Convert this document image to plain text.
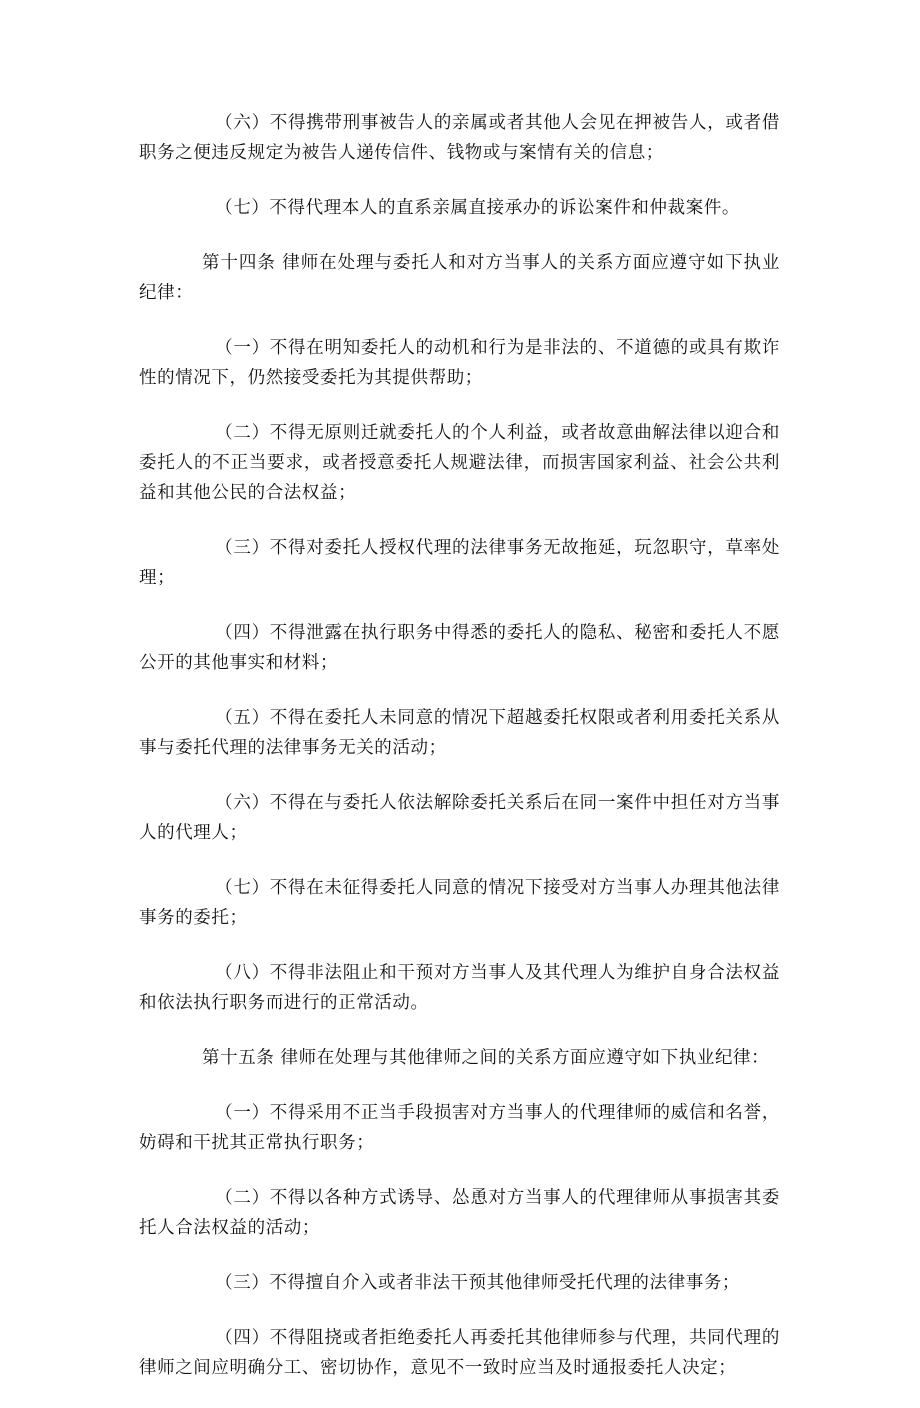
（六）不得携带刑事被告人的亲属或者其他人会见在押被告人，或者借职务之便违反规定为被告人递传信件、钱物或与案情有关的信息；

（七）不得代理本人的直系亲属直接承办的诉讼案件和仲裁案件。

第十四条 律师在处理与委托人和对方当事人的关系方面应遵守如下执业纪律：

（一）不得在明知委托人的动机和行为是非法的、不道德的或具有欺诈性的情况下，仍然接受委托为其提供帮助；

（二）不得无原则迁就委托人的个人利益，或者故意曲解法律以迎合和委托人的不正当要求，或者授意委托人规避法律，而损害国家利益、社会公共利益和其他公民的合法权益；

（三）不得对委托人授权代理的法律事务无故拖延，玩忽职守，草率处理；

（四）不得泄露在执行职务中得悉的委托人的隐私、秘密和委托人不愿公开的其他事实和材料；

（五）不得在委托人未同意的情况下超越委托权限或者利用委托关系从事与委托代理的法律事务无关的活动；

（六）不得在与委托人依法解除委托关系后在同一案件中担任对方当事人的代理人；

（七）不得在未征得委托人同意的情况下接受对方当事人办理其他法律事务的委托；

（八）不得非法阻止和干预对方当事人及其代理人为维护自身合法权益和依法执行职务而进行的正常活动。

第十五条 律师在处理与其他律师之间的关系方面应遵守如下执业纪律：

（一）不得采用不正当手段损害对方当事人的代理律师的威信和名誉，妨碍和干扰其正常执行职务；

（二）不得以各种方式诱导、怂恿对方当事人的代理律师从事损害其委托人合法权益的活动；

（三）不得擅自介入或者非法干预其他律师受托代理的法律事务；

（四）不得阻挠或者拒绝委托人再委托其他律师参与代理，共同代理的律师之间应明确分工、密切协作，意见不一致时应当及时通报委托人决定；
